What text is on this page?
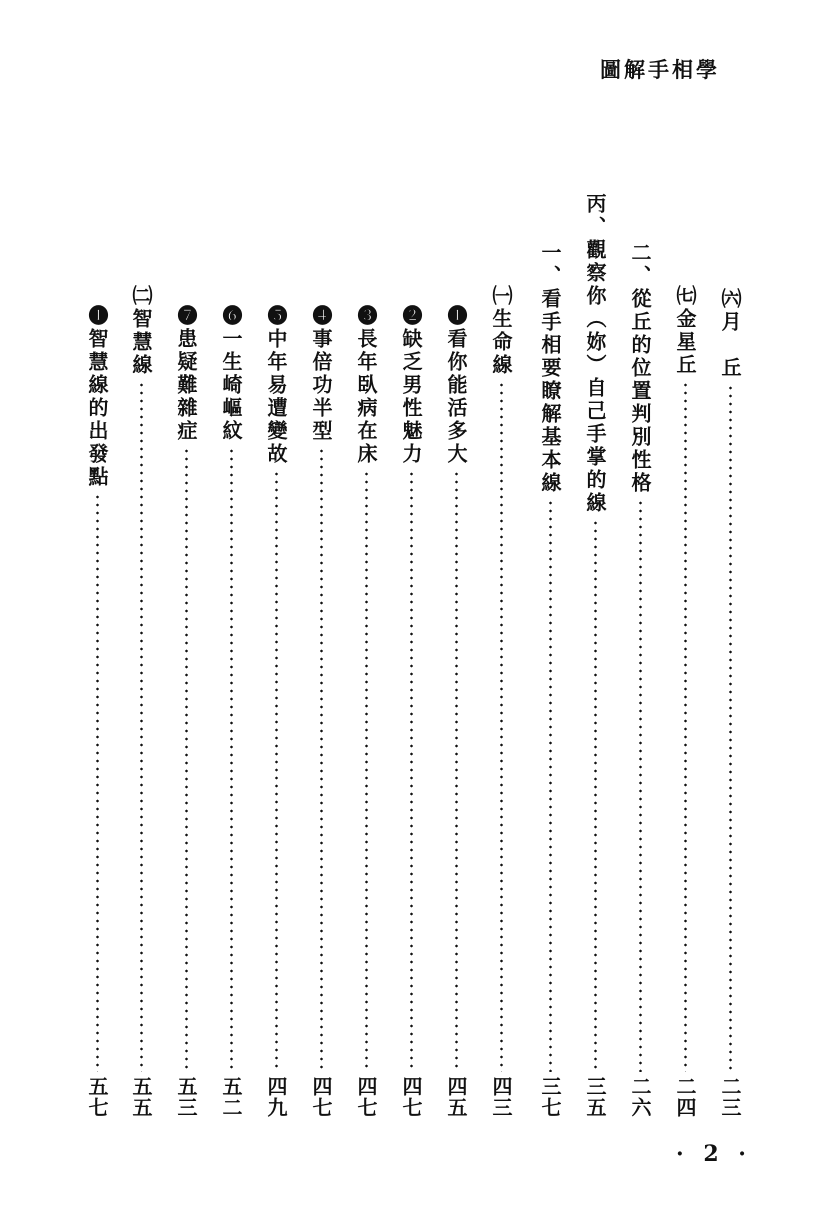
圖解手相學
㈥月　丘
二三
㈦金星丘
二四
二、從丘的位置判別性格
二六
丙、觀察你（妳）自己手掌的線
三五
一、看手相要瞭解基本線
三七
㈠生命線
四三
❶看你能活多大
四五
❷缺乏男性魅力
四七
❸長年臥病在床
四七
❹事倍功半型
四七
❺中年易遭變故
四九
❻一生崎嶇紋
五二
❼患疑難雜症
五三
㈡智慧線
五五
❶智慧線的出發點
五七
· 2 ·
